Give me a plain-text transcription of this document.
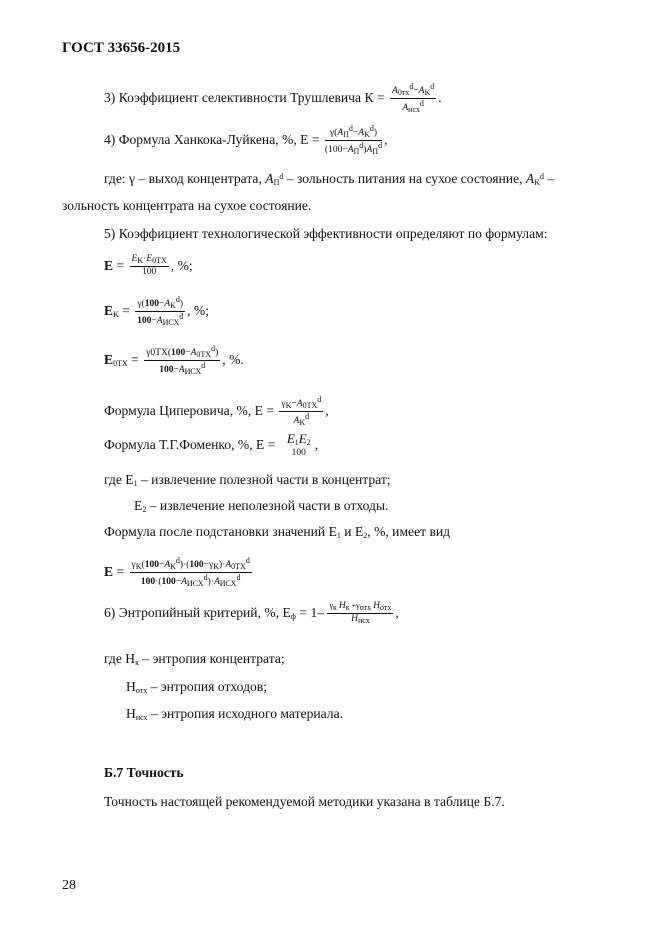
ГОСТ 33656-2015
3) Коэффициент селективности Трушлевича $К = A_{0тх}^d-A_K^d$
$A_{исх}^d$	.
4) Формула Ханкока-Луйкена, %, Е =	$\gamma(A_П^d-A_K^d)$
$(100-A_П^d)A_П^d$ ,
где: γ – выход концентрата, $AП^d$ – зольность питания на сухое состояние, $AK^d$ –
зольность концентрата на сухое состояние.
5) Коэффициент технологической эффективности определяют по формулам:
$E = E_K\cdot E_{0ТХ}$
100	, %;
EK = $\gamma(100-A_K^d)$
$100-A_{ИСХ}^d$ , %;
$E0ТХ = \gamma 0ТХ(100-A_{0ТХ}^d)$
$100-A_{ИСХ}^d$	, %.
Формула Циперовича, %, $Е = \gamma_K-A_{0ТХ}^d$
$A_K^d$	,
Формула Т.Г.Фоменко, %, Е = E1E2
100
,
где Е1 – извлечение полезной части в концентрат;
Е2 – извлечение неполезной части в отходы.
Формула после подстановки значений Е1 и Е2, %, имеет вид
$E = \gamma_K(100-A_K^d)\cdot(100-\gamma_K)\cdot A_{0ТХ}^d$
$100\cdot(100-A_{ИСХ}^d)\cdot A_{ИСХ}^d$
6) Энтропийный критерий, %, Еф = 1– γк Нк +γотх Нотх
$Н_{исх}$
,
где Нк – энтропия концентрата;
Нотх – энтропия отходов;
Нисх – энтропия исходного материала.
Б.7 Точность
Точность настоящей рекомендуемой методики указана в таблице Б.7.
28
